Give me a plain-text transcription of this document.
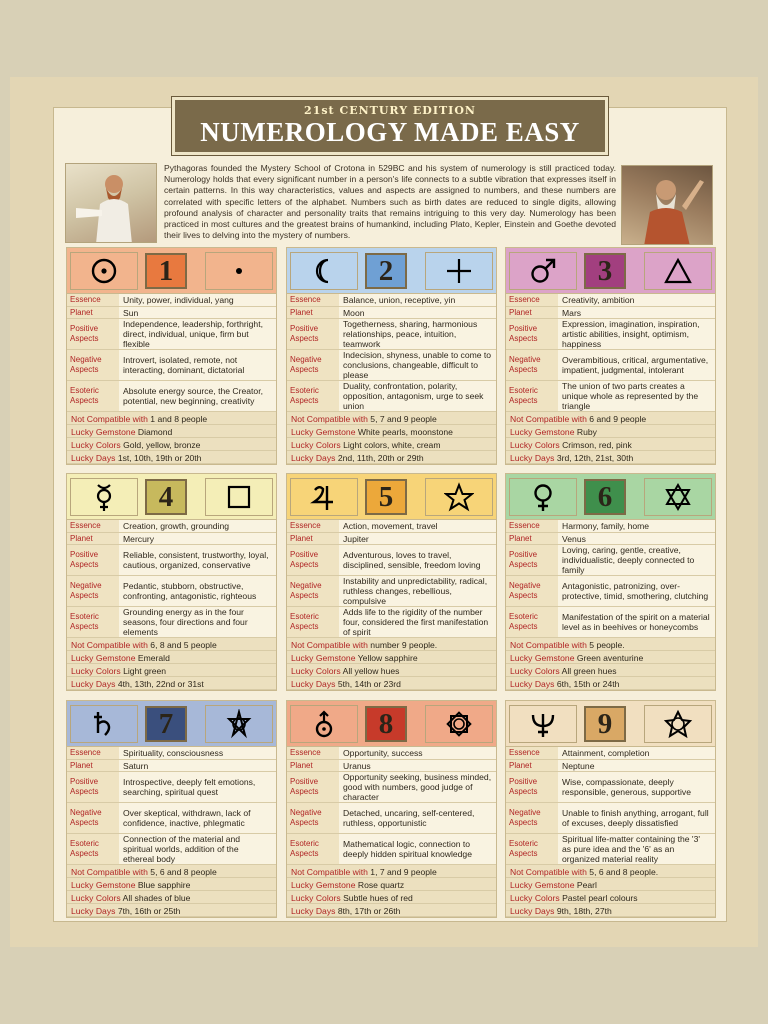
21st CENTURY EDITION
NUMEROLOGY MADE EASY

Pythagoras founded the Mystery School of Crotona in 529BC and his system of numerology is still practiced today. Numerology holds that every significant number in a person's life connects to a subtle vibration that expresses itself in certain patterns. In this way characteristics, values and aspects are assigned to numbers, and these numbers are correlated with specific letters of the alphabet. Numbers such as birth dates are reduced to single digits, allowing profound analysis of character and personality traits that remains intriguing to this very day. Numerology has been practiced in most cultures and the greatest brains of humankind, including Plato, Kepler, Einstein and Goethe devoted their lives to delving into the mystery of numbers.

1
Essence	Unity, power, individual, yang
Planet	Sun
Positive Aspects
Independence, leadership, forthright, direct, individual, unique, firm but flexible
Negative Aspects
Introvert, isolated, remote, not interacting, dominant, dictatorial
Esoteric Aspects
Absolute energy source, the Creator, potential, new beginning, creativity
Not Compatible with 1 and 8 people
Lucky Gemstone Diamond
Lucky Colors Gold, yellow, bronze
Lucky Days 1st, 10th, 19th or 20th
2
Essence	Balance, union, receptive, yin
Planet	Moon
Positive Aspects
Togetherness, sharing, harmonious relationships, peace, intuition, teamwork
Negative Aspects
Indecision, shyness, unable to come to conclusions, changeable, difficult to please
Esoteric Aspects
Duality, confrontation, polarity, opposition, antagonism, urge to seek union
Not Compatible with 5, 7 and 9 people
Lucky Gemstone White pearls, moonstone
Lucky Colors Light colors, white, cream
Lucky Days 2nd, 11th, 20th or 29th
3
Essence	Creativity, ambition
Planet	Mars
Positive Aspects
Expression, imagination, inspiration, artistic abilities, insight, optimism, happiness
Negative Aspects
Overambitious, critical, argumentative, impatient, judgmental, intolerant
Esoteric Aspects
The union of two parts creates a unique whole as represented by the triangle
Not Compatible with 6 and 9 people
Lucky Gemstone Ruby
Lucky Colors Crimson, red, pink
Lucky Days 3rd, 12th, 21st, 30th
4
Essence	Creation, growth, grounding
Planet	Mercury
Positive Aspects
Reliable, consistent, trustworthy, loyal, cautious, organized, conservative
Negative Aspects
Pedantic, stubborn, obstructive, confronting, antagonistic, righteous
Esoteric Aspects
Grounding energy as in the four seasons, four directions and four elements
Not Compatible with 6, 8 and 5 people
Lucky Gemstone Emerald
Lucky Colors Light green
Lucky Days 4th, 13th, 22nd or 31st
5
Essence	Action, movement, travel
Planet	Jupiter
Positive Aspects
Adventurous, loves to travel, disciplined, sensible, freedom loving
Negative Aspects
Instability and unpredictability, radical, ruthless changes, rebellious, compulsive
Esoteric Aspects
Adds life to the rigidity of the number four, considered the first manifestation of spirit
Not Compatible with number 9 people.
Lucky Gemstone Yellow sapphire
Lucky Colors All yellow hues
Lucky Days 5th, 14th or 23rd
6
Essence	Harmony, family, home
Planet	Venus
Positive Aspects
Loving, caring, gentle, creative, individualistic, deeply connected to family
Negative Aspects
Antagonistic, patronizing, over-protective, timid, smothering, clutching
Esoteric Aspects
Manifestation of the spirit on a material level as in beehives or honeycombs
Not Compatible with 5 people.
Lucky Gemstone Green aventurine
Lucky Colors All green hues
Lucky Days 6th, 15th or 24th
7
Essence	Spirituality, consciousness
Planet	Saturn
Positive Aspects
Introspective, deeply felt emotions, searching, spiritual quest
Negative Aspects
Over skeptical, withdrawn, lack of confidence, inactive, phlegmatic
Esoteric Aspects
Connection of the material and spiritual worlds, addition of the ethereal body
Not Compatible with 5, 6 and 8 people
Lucky Gemstone Blue sapphire
Lucky Colors All shades of blue
Lucky Days 7th, 16th or 25th
8
Essence	Opportunity, success
Planet	Uranus
Positive Aspects
Opportunity seeking, business minded, good with numbers, good judge of character
Negative Aspects
Detached, uncaring, self-centered, ruthless, opportunistic
Esoteric Aspects
Mathematical logic, connection to deeply hidden spiritual knowledge
Not Compatible with 1, 7 and 9 people
Lucky Gemstone Rose quartz
Lucky Colors Subtle hues of red
Lucky Days 8th, 17th or 26th
9
Essence	Attainment, completion
Planet	Neptune
Positive Aspects
Wise, compassionate, deeply responsible, generous, supportive
Negative Aspects
Unable to finish anything, arrogant, full of excuses, deeply dissatisfied
Esoteric Aspects
Spiritual life-matter containing the '3' as pure idea and the '6' as an organized material reality
Not Compatible with 5, 6 and 8 people.
Lucky Gemstone Pearl
Lucky Colors Pastel pearl colours
Lucky Days 9th, 18th, 27th
